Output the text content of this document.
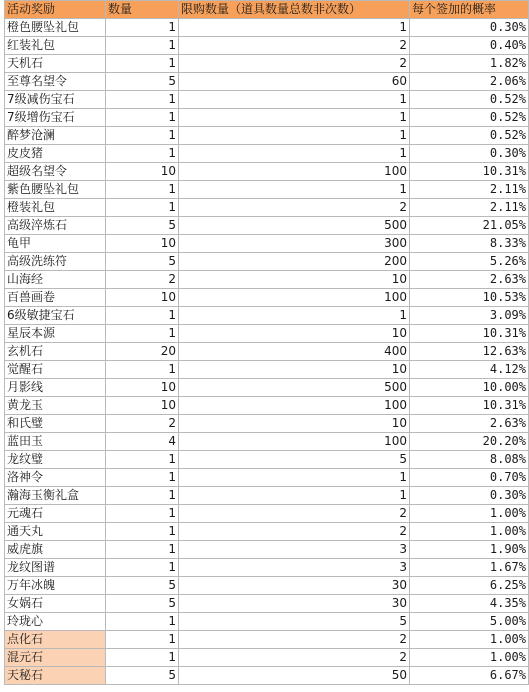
活动奖励	数量	限购数量（道具数量总数非次数）	每个签加的概率
橙色腰坠礼包	1	1	0.30%
红装礼包	1	2	0.40%
天机石	1	2	1.82%
至尊名望令	5	60	2.06%
7级减伤宝石	1	1	0.52%
7级增伤宝石	1	1	0.52%
醉梦沧澜	1	1	0.52%
皮皮猪	1	1	0.30%
超级名望令	10	100	10.31%
紫色腰坠礼包	1	1	2.11%
橙装礼包	1	2	2.11%
高级淬炼石	5	500	21.05%
龟甲	10	300	8.33%
高级洗练符	5	200	5.26%
山海经	2	10	2.63%
百兽画卷	10	100	10.53%
6级敏捷宝石	1	1	3.09%
星辰本源	1	10	10.31%
玄机石	20	400	12.63%
觉醒石	1	10	4.12%
月影线	10	500	10.00%
黄龙玉	10	100	10.31%
和氏璧	2	10	2.63%
蓝田玉	4	100	20.20%
龙纹璧	1	5	8.08%
洛神令	1	1	0.70%
瀚海玉衡礼盒	1	1	0.30%
元魂石	1	2	1.00%
通天丸	1	2	1.00%
威虎旗	1	3	1.90%
龙纹图谱	1	3	1.67%
万年冰魄	5	30	6.25%
女娲石	5	30	4.35%
玲珑心	1	5	5.00%
点化石	1	2	1.00%
混元石	1	2	1.00%
天秘石	5	50	6.67%
